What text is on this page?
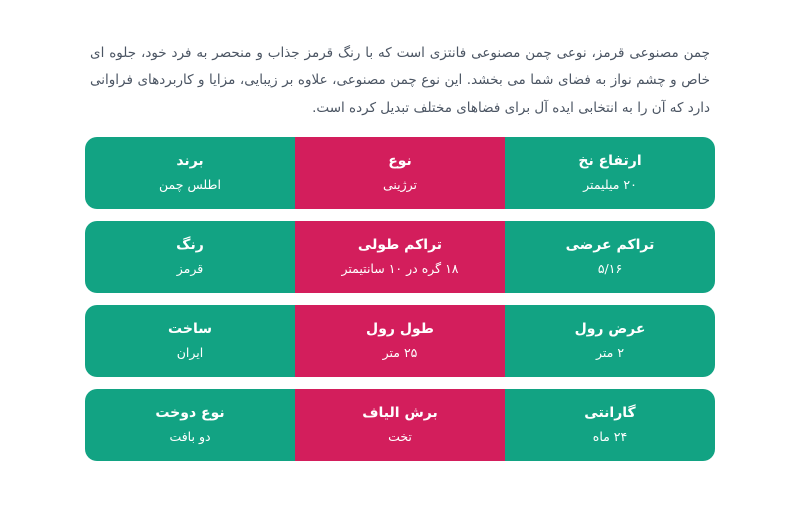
چمن مصنوعی قرمز، نوعی چمن مصنوعی فانتزی است که با رنگ قرمز جذاب و منحصر به فرد خود، جلوه ای خاص و چشم نواز به فضای شما می بخشد. این نوع چمن مصنوعی، علاوه بر زیبایی، مزایا و کاربردهای فراوانی دارد که آن را به انتخابی ایده آل برای فضاهای مختلف تبدیل کرده است.

ارتفاع نخ
۲۰ میلیمتر
نوع
ترژینی
برند
اطلس چمن
تراکم عرضی
۵/۱۶
تراکم طولی
۱۸ گره در ۱۰ سانتیمتر
رنگ
قرمز
عرض رول
۲ متر
طول رول
۲۵ متر
ساخت
ایران
گارانتی
۲۴ ماه
برش الیاف
تخت
نوع دوخت
دو بافت
